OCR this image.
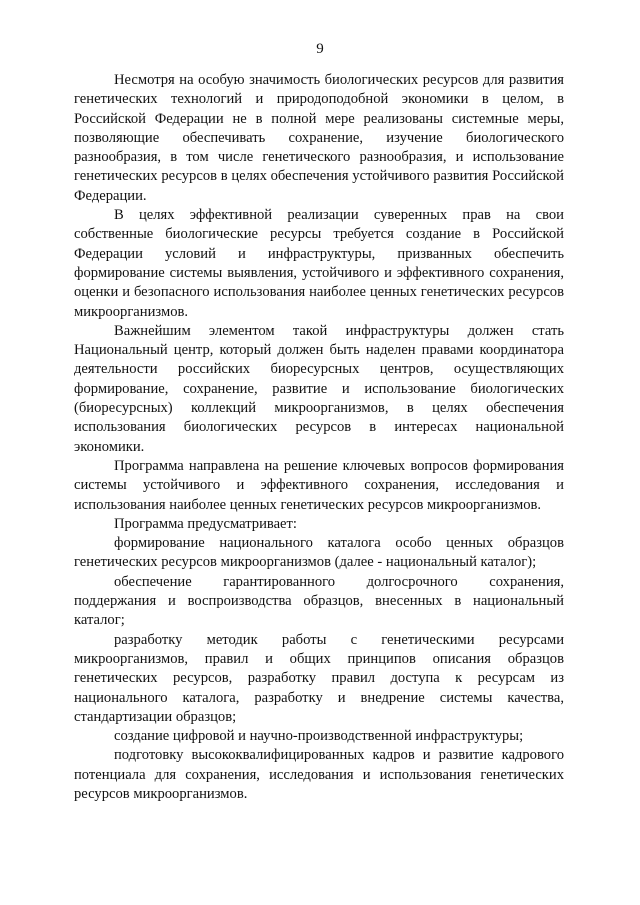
9

Несмотря на особую значимость биологических ресурсов для развития генетических технологий и природоподобной экономики в целом, в Российской Федерации не в полной мере реализованы системные меры, позволяющие обеспечивать сохранение, изучение биологического разнообразия, в том числе генетического разнообразия, и использование генетических ресурсов в целях обеспечения устойчивого развития Российской Федерации.

В целях эффективной реализации суверенных прав на свои собственные биологические ресурсы требуется создание в Российской Федерации условий и инфраструктуры, призванных обеспечить формирование системы выявления, устойчивого и эффективного сохранения, оценки и безопасного использования наиболее ценных генетических ресурсов микроорганизмов.

Важнейшим элементом такой инфраструктуры должен стать Национальный центр, который должен быть наделен правами координатора деятельности российских биоресурсных центров, осуществляющих формирование, сохранение, развитие и использование биологических (биоресурсных) коллекций микроорганизмов, в целях обеспечения использования биологических ресурсов в интересах национальной экономики.

Программа направлена на решение ключевых вопросов формирования системы устойчивого и эффективного сохранения, исследования и использования наиболее ценных генетических ресурсов микроорганизмов.

Программа предусматривает:

формирование национального каталога особо ценных образцов генетических ресурсов микроорганизмов (далее - национальный каталог);

обеспечение гарантированного долгосрочного сохранения, поддержания и воспроизводства образцов, внесенных в национальный каталог;

разработку методик работы с генетическими ресурсами микроорганизмов, правил и общих принципов описания образцов генетических ресурсов, разработку правил доступа к ресурсам из национального каталога, разработку и внедрение системы качества, стандартизации образцов;

создание цифровой и научно-производственной инфраструктуры;

подготовку высококвалифицированных кадров и развитие кадрового потенциала для сохранения, исследования и использования генетических ресурсов микроорганизмов.
